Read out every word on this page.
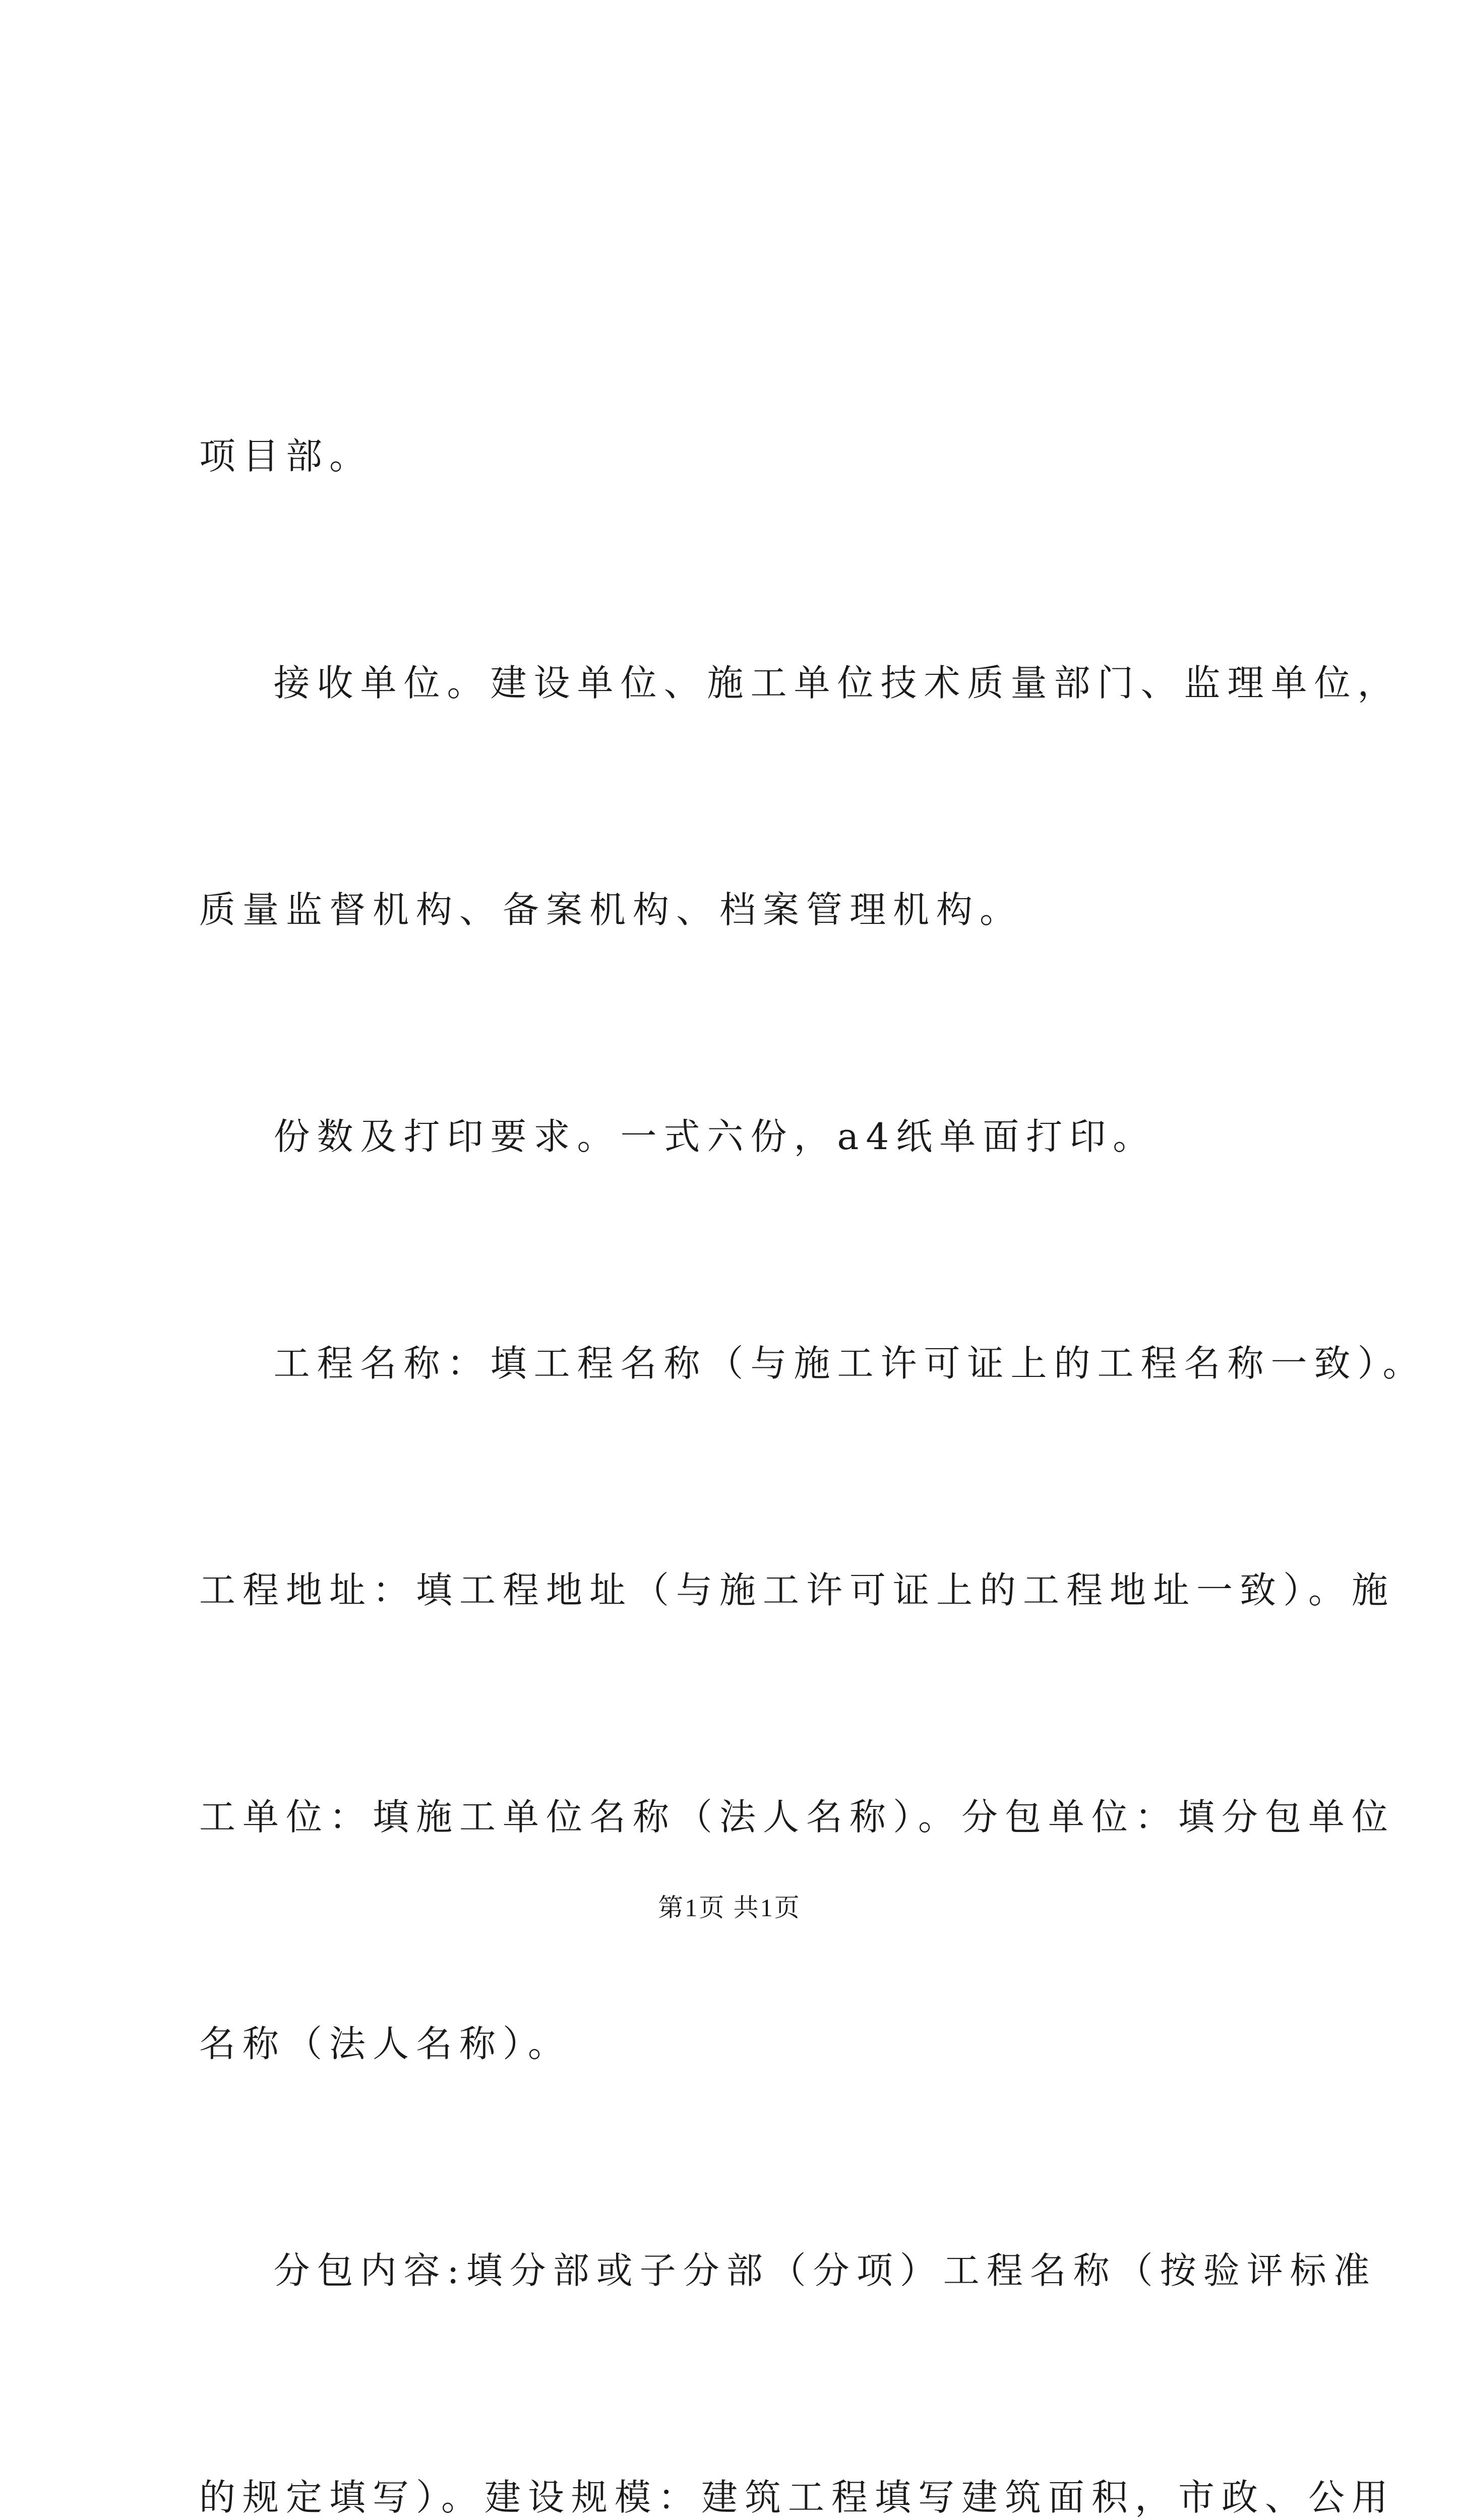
项目部。

接收单位。建设单位、施工单位技术质量部门、监理单位，

质量监督机构、备案机构、档案管理机构。

份数及打印要求。一式六份，a4纸单面打印。

工程名称：填工程名称（与施工许可证上的工程名称一致）。

工程地址：填工程地址（与施工许可证上的工程地址一致）。施

工单位：填施工单位名称（法人名称）。分包单位：填分包单位

名称（法人名称）。

分包内容:填分部或子分部（分项）工程名称（按验评标准

的规定填写）。建设规模：建筑工程填写建筑面积，市政、公用

第1页 共1页
